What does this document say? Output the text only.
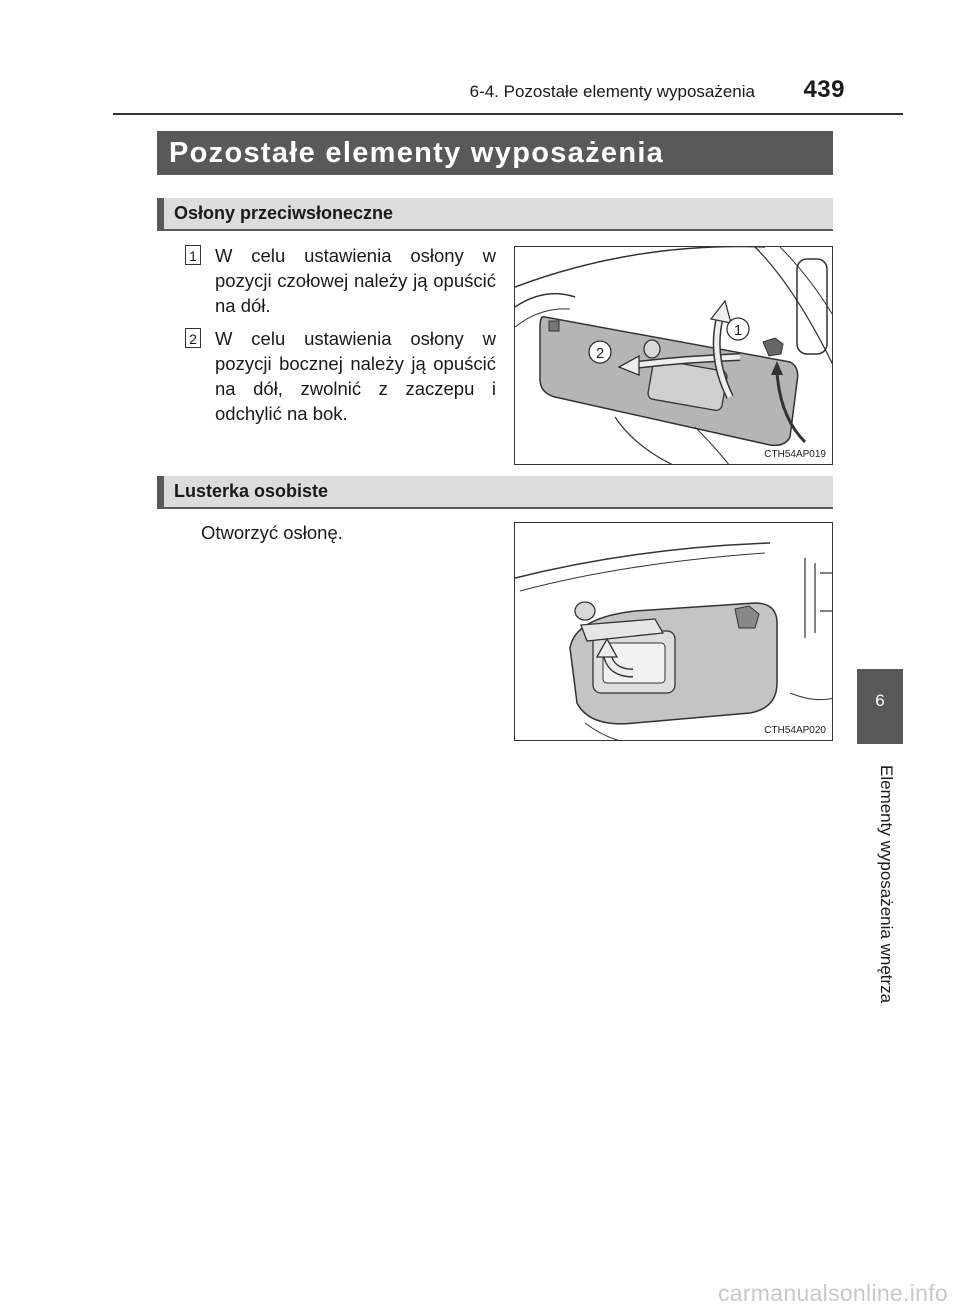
6-4. Pozostałe elementy wyposażenia 439
Pozostałe elementy wyposażenia
Osłony przeciwsłoneczne
1 W celu ustawienia osłony w pozycji czołowej należy ją opuścić na dół.
2 W celu ustawienia osłony w pozycji bocznej należy ją opuścić na dół, zwolnić z zaczepu i odchylić na bok.
1
2
CTH54AP019
Lusterka osobiste
Otworzyć osłonę.
CTH54AP020
6
Elementy wyposażenia wnętrza
carmanualsonline.info
